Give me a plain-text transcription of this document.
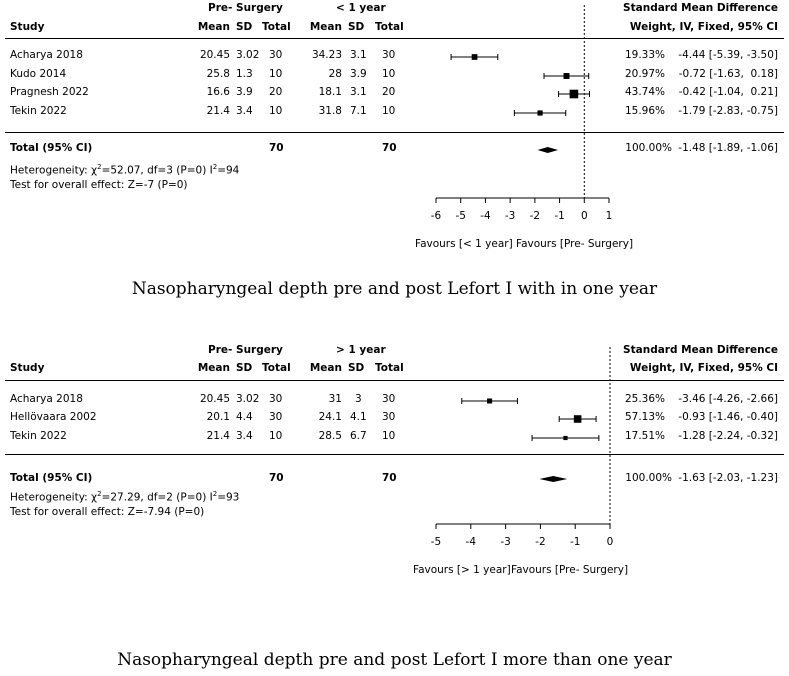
Pre- Surgery	< 1 year	Standard Mean Difference
Study	Mean SD Total	Mean SD Total	Weight, IV, Fixed, 95% CI
Acharya 2018	20.45 3.02 30	34.23 3.1 30	19.33%	-4.44 [-5.39, -3.50]
Kudo 2014	25.8 1.3 10	28 3.9 10	20.97%	-0.72 [-1.63,  0.18]
Pragnesh 2022	16.6 3.9 20	18.1 3.1 20	43.74%	-0.42 [-1.04,  0.21]
Tekin 2022	21.4 3.4 10	31.8 7.1 10	15.96%	-1.79 [-2.83, -0.75]
Total (95% CI)	70	70	100.00% -1.48 [-1.89, -1.06]
Heterogeneity: $\chi^2=52.07$, df=3 (P=0) $I^2=94$
Test for overall effect: Z=-7 (P=0)
-6 -5 -4 -3 -2 -1 0 1
Favours [< 1 year] Favours [Pre- Surgery]
Nasopharyngeal depth pre and post Lefort I with in one year
Pre- Surgery	> 1 year	Standard Mean Difference
Study	Mean SD Total	Mean SD Total	Weight, IV, Fixed, 95% CI
Acharya 2018	20.45 3.02 30	31 3 30	25.36%	-3.46 [-4.26, -2.66]
Hellövaara 2002	20.1 4.4 30	24.1 4.1 30	57.13%	-0.93 [-1.46, -0.40]
Tekin 2022	21.4 3.4 10	28.5 6.7 10	17.51%	-1.28 [-2.24, -0.32]
Total (95% CI)	70	70	100.00% -1.63 [-2.03, -1.23]
Heterogeneity: $\chi^2=27.29$, df=2 (P=0) $I^2=93$
Test for overall effect: Z=-7.94 (P=0)
-5 -4 -3 -2 -1 0
Favours [> 1 year] Favours [Pre- Surgery]
Nasopharyngeal depth pre and post Lefort I more than one year
